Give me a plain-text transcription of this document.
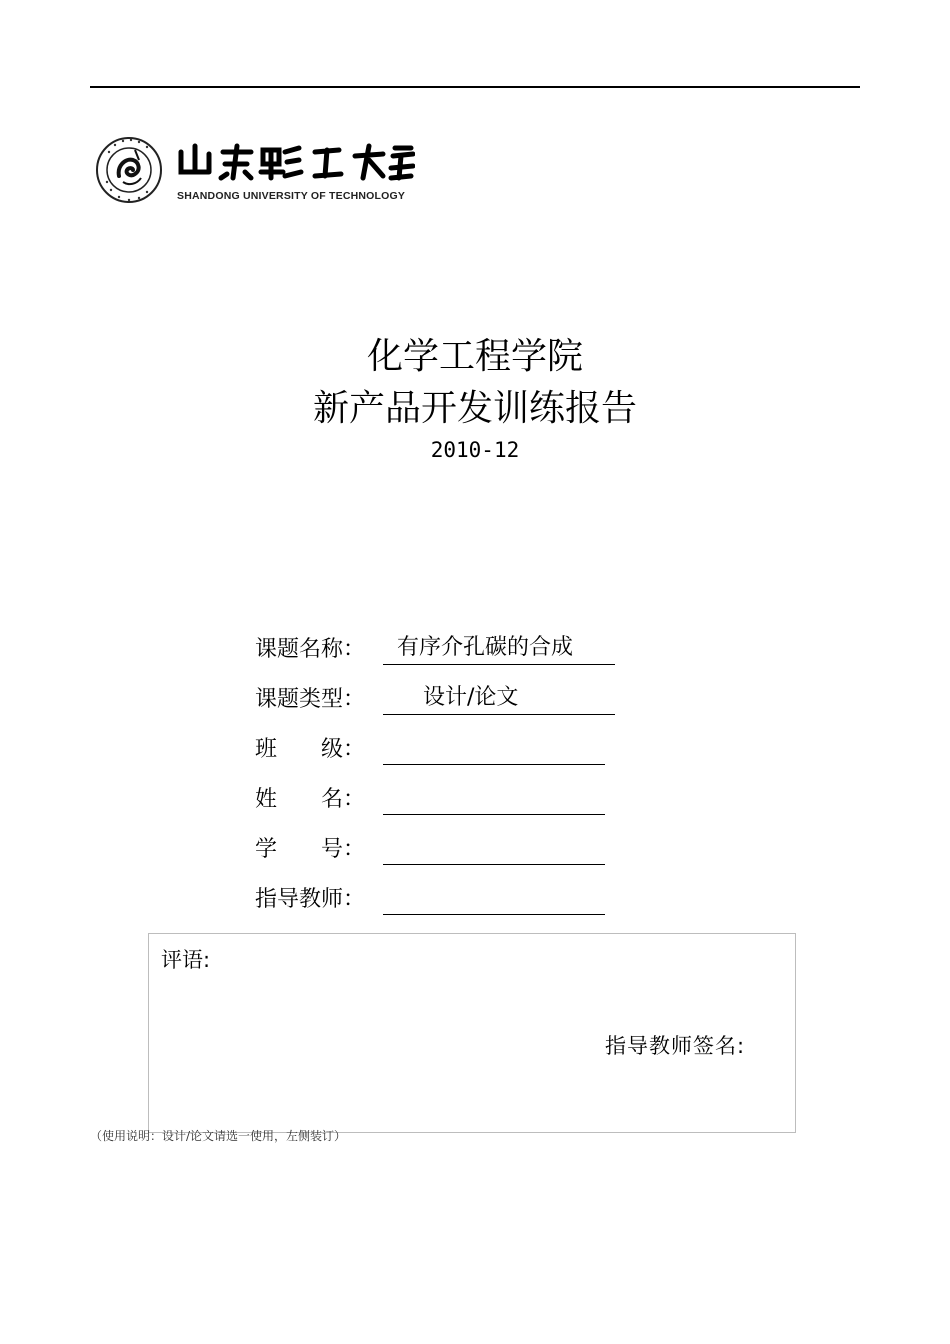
SHANDONG UNIVERSITY OF TECHNOLOGY
化学工程学院
新产品开发训练报告
2010-12
课题名称： 有序介孔碳的合成
课题类型：	设计/论文
班　　级：
姓　　名：
学　　号：
指导教师：
评语:
指导教师签名:
（使用说明：设计/论文请选一使用，左侧装订）
